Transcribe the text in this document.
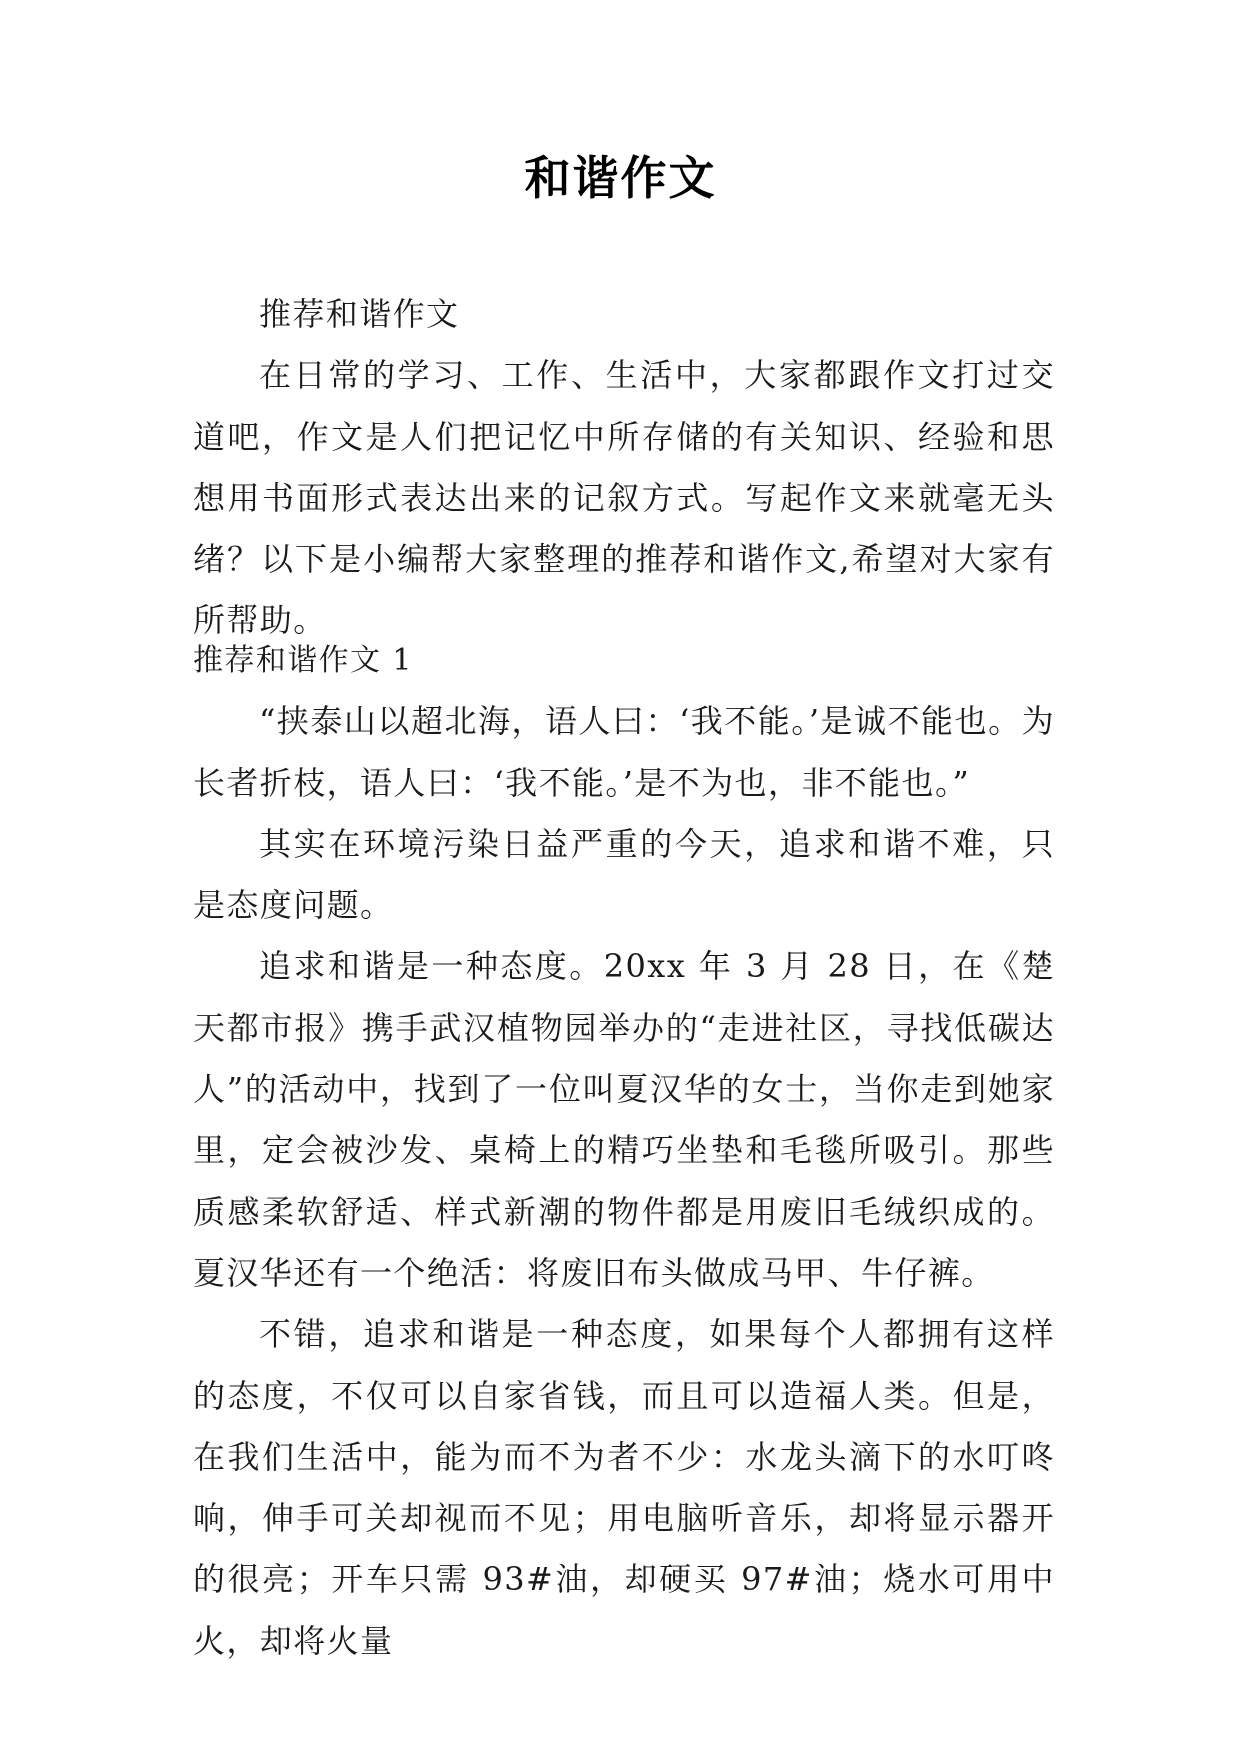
和谐作文

推荐和谐作文

在日常的学习、工作、生活中，大家都跟作文打过交道吧，作文是人们把记忆中所存储的有关知识、经验和思想用书面形式表达出来的记叙方式。写起作文来就毫无头绪？以下是小编帮大家整理的推荐和谐作文,希望对大家有所帮助。

推荐和谐作文 1

“挟泰山以超北海，语人曰：‘我不能。’是诚不能也。为长者折枝，语人曰：‘我不能。’是不为也，非不能也。”

其实在环境污染日益严重的今天，追求和谐不难，只是态度问题。

追求和谐是一种态度。20xx 年 3 月 28 日，在《楚天都市报》携手武汉植物园举办的“走进社区，寻找低碳达人”的活动中，找到了一位叫夏汉华的女士，当你走到她家里，定会被沙发、桌椅上的精巧坐垫和毛毯所吸引。那些质感柔软舒适、样式新潮的物件都是用废旧毛绒织成的。夏汉华还有一个绝活：将废旧布头做成马甲、牛仔裤。

不错，追求和谐是一种态度，如果每个人都拥有这样的态度，不仅可以自家省钱，而且可以造福人类。但是，在我们生活中，能为而不为者不少：水龙头滴下的水叮咚响，伸手可关却视而不见；用电脑听音乐，却将显示器开的很亮；开车只需 93#油，却硬买 97#油；烧水可用中火，却将火量
